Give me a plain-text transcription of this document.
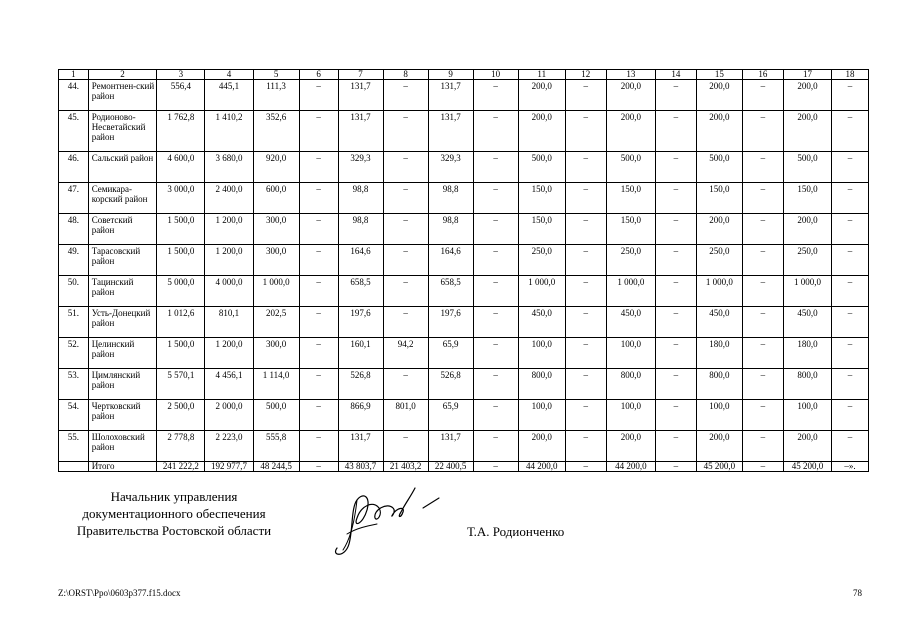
1	2	3	4	5	6	7	8	9	10	11	12	13	14	15	16	17	18
44.	Ремонтнен-ский район	556,4	445,1	111,3	–	131,7	–	131,7	–	200,0	–	200,0	–	200,0	–	200,0	–
45.	Родионово-Несветайский район	1 762,8	1 410,2	352,6	–	131,7	–	131,7	–	200,0	–	200,0	–	200,0	–	200,0	–
46.	Сальский район	4 600,0	3 680,0	920,0	–	329,3	–	329,3	–	500,0	–	500,0	–	500,0	–	500,0	–
47.	Семикара-корский район	3 000,0	2 400,0	600,0	–	98,8	–	98,8	–	150,0	–	150,0	–	150,0	–	150,0	–
48.	Советский район	1 500,0	1 200,0	300,0	–	98,8	–	98,8	–	150,0	–	150,0	–	200,0	–	200,0	–
49.	Тарасовский район	1 500,0	1 200,0	300,0	–	164,6	–	164,6	–	250,0	–	250,0	–	250,0	–	250,0	–
50.	Тацинский район	5 000,0	4 000,0	1 000,0	–	658,5	–	658,5	–	1 000,0	–	1 000,0	–	1 000,0	–	1 000,0	–
51.	Усть-Донецкий район	1 012,6	810,1	202,5	–	197,6	–	197,6	–	450,0	–	450,0	–	450,0	–	450,0	–
52.	Целинский район	1 500,0	1 200,0	300,0	–	160,1	94,2	65,9	–	100,0	–	100,0	–	180,0	–	180,0	–
53.	Цимлянский район	5 570,1	4 456,1	1 114,0	–	526,8	–	526,8	–	800,0	–	800,0	–	800,0	–	800,0	–
54.	Чертковский район	2 500,0	2 000,0	500,0	–	866,9	801,0	65,9	–	100,0	–	100,0	–	100,0	–	100,0	–
55.	Шолоховский район	2 778,8	2 223,0	555,8	–	131,7	–	131,7	–	200,0	–	200,0	–	200,0	–	200,0	–
	Итого	241 222,2	192 977,7	48 244,5	–	43 803,7	21 403,2	22 400,5	–	44 200,0	–	44 200,0	–	45 200,0	–	45 200,0	–».
Начальник управления
документационного обеспечения
Правительства Ростовской области	Т.А. Родионченко
Z:\ORST\Ppo\0603p377.f15.docx	78
